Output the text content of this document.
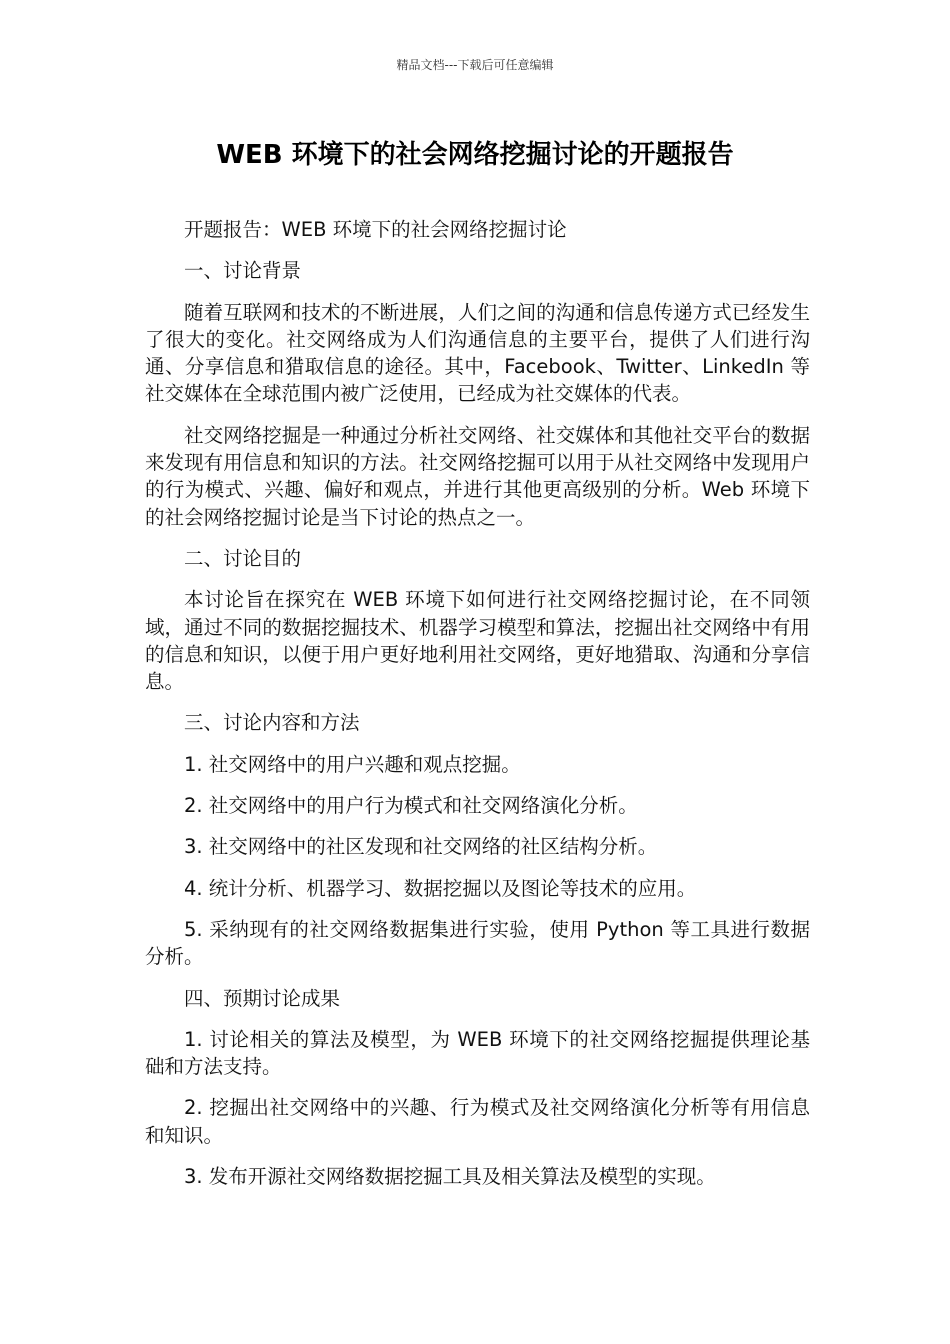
精品文档---下载后可任意编辑
WEB 环境下的社会网络挖掘讨论的开题报告

开题报告：WEB 环境下的社会网络挖掘讨论

一、讨论背景

随着互联网和技术的不断进展，人们之间的沟通和信息传递方式已经发生了很大的变化。社交网络成为人们沟通信息的主要平台，提供了人们进行沟通、分享信息和猎取信息的途径。其中，Facebook、Twitter、LinkedIn 等社交媒体在全球范围内被广泛使用，已经成为社交媒体的代表。

社交网络挖掘是一种通过分析社交网络、社交媒体和其他社交平台的数据来发现有用信息和知识的方法。社交网络挖掘可以用于从社交网络中发现用户的行为模式、兴趣、偏好和观点，并进行其他更高级别的分析。Web 环境下的社会网络挖掘讨论是当下讨论的热点之一。

二、讨论目的

本讨论旨在探究在 WEB 环境下如何进行社交网络挖掘讨论，在不同领域，通过不同的数据挖掘技术、机器学习模型和算法，挖掘出社交网络中有用的信息和知识，以便于用户更好地利用社交网络，更好地猎取、沟通和分享信息。

三、讨论内容和方法

1. 社交网络中的用户兴趣和观点挖掘。

2. 社交网络中的用户行为模式和社交网络演化分析。

3. 社交网络中的社区发现和社交网络的社区结构分析。

4. 统计分析、机器学习、数据挖掘以及图论等技术的应用。

5. 采纳现有的社交网络数据集进行实验，使用 Python 等工具进行数据分析。

四、预期讨论成果

1. 讨论相关的算法及模型，为 WEB 环境下的社交网络挖掘提供理论基础和方法支持。

2. 挖掘出社交网络中的兴趣、行为模式及社交网络演化分析等有用信息和知识。

3. 发布开源社交网络数据挖掘工具及相关算法及模型的实现。
